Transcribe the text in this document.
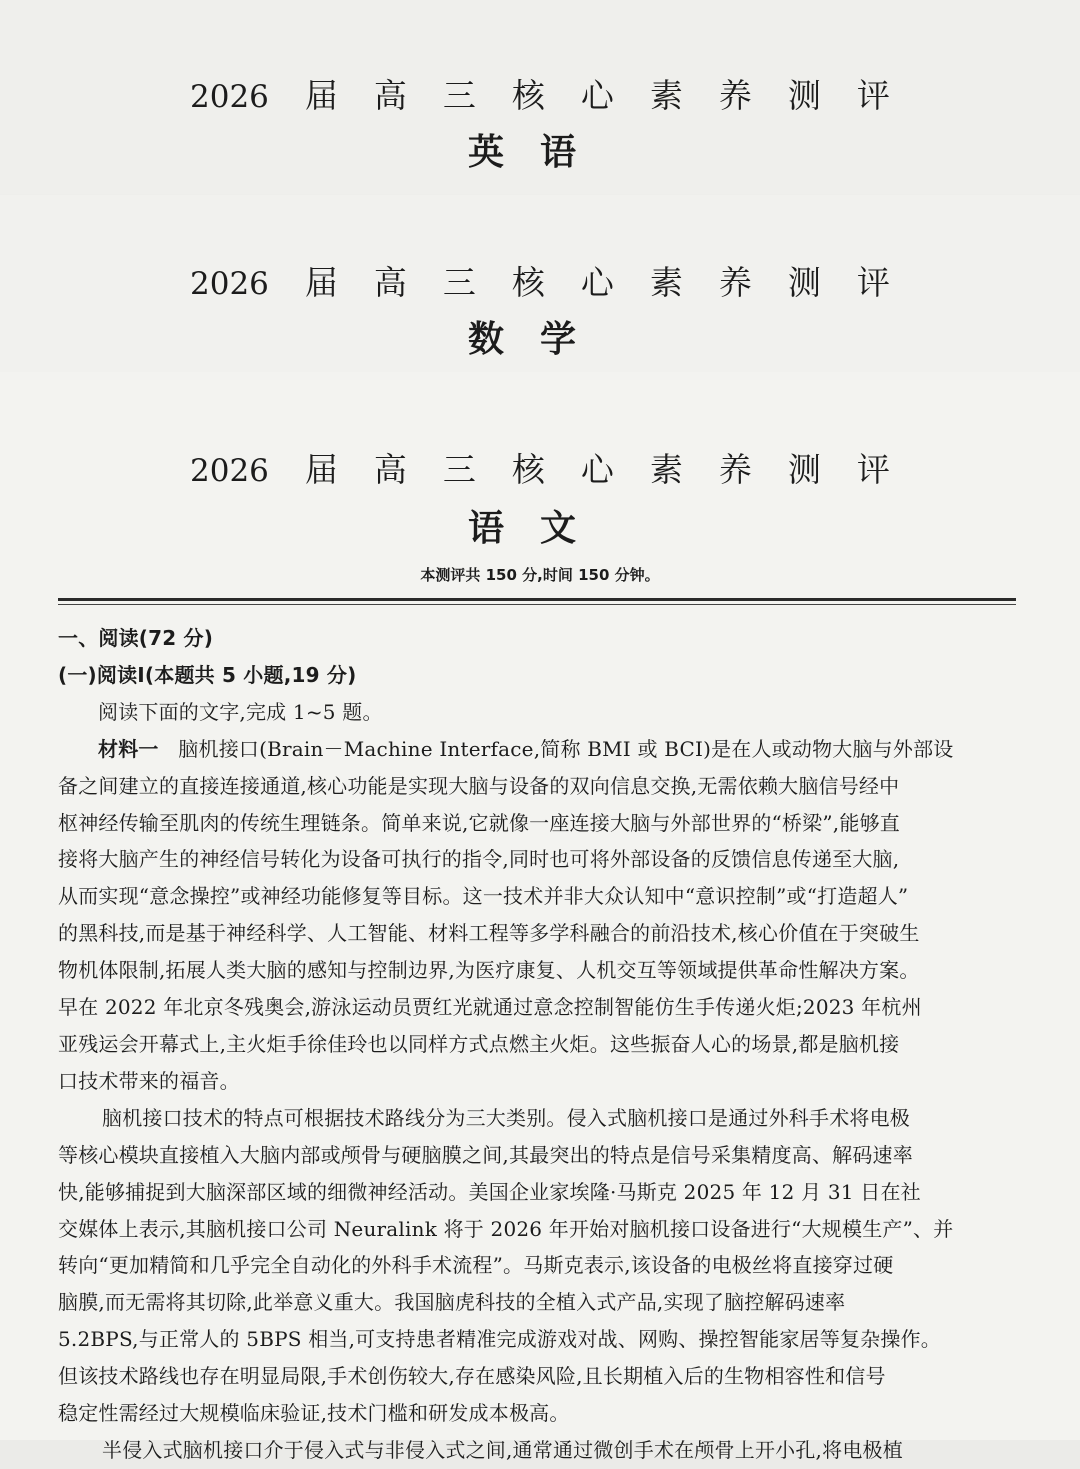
2026 届 高 三 核 心 素 养 测 评
英语
2026 届 高 三 核 心 素 养 测 评
数学
2026 届 高 三 核 心 素 养 测 评
语文
本测评共 150 分,时间 150 分钟。
一、阅读(72 分)
(一)阅读Ⅰ(本题共 5 小题,19 分)
阅读下面的文字,完成 1~5 题。
材料一 脑机接口(Brain－Machine Interface,简称 BMI 或 BCI)是在人或动物大脑与外部设
备之间建立的直接连接通道,核心功能是实现大脑与设备的双向信息交换,无需依赖大脑信号经中
枢神经传输至肌肉的传统生理链条。简单来说,它就像一座连接大脑与外部世界的“桥梁”,能够直
接将大脑产生的神经信号转化为设备可执行的指令,同时也可将外部设备的反馈信息传递至大脑,
从而实现“意念操控”或神经功能修复等目标。这一技术并非大众认知中“意识控制”或“打造超人”
的黑科技,而是基于神经科学、人工智能、材料工程等多学科融合的前沿技术,核心价值在于突破生
物机体限制,拓展人类大脑的感知与控制边界,为医疗康复、人机交互等领域提供革命性解决方案。
早在 2022 年北京冬残奥会,游泳运动员贾红光就通过意念控制智能仿生手传递火炬;2023 年杭州
亚残运会开幕式上,主火炬手徐佳玲也以同样方式点燃主火炬。这些振奋人心的场景,都是脑机接
口技术带来的福音。
脑机接口技术的特点可根据技术路线分为三大类别。侵入式脑机接口是通过外科手术将电极
等核心模块直接植入大脑内部或颅骨与硬脑膜之间,其最突出的特点是信号采集精度高、解码速率
快,能够捕捉到大脑深部区域的细微神经活动。美国企业家埃隆·马斯克 2025 年 12 月 31 日在社
交媒体上表示,其脑机接口公司 Neuralink 将于 2026 年开始对脑机接口设备进行“大规模生产”、并
转向“更加精简和几乎完全自动化的外科手术流程”。马斯克表示,该设备的电极丝将直接穿过硬
脑膜,而无需将其切除,此举意义重大。我国脑虎科技的全植入式产品,实现了脑控解码速率
5.2BPS,与正常人的 5BPS 相当,可支持患者精准完成游戏对战、网购、操控智能家居等复杂操作。
但该技术路线也存在明显局限,手术创伤较大,存在感染风险,且长期植入后的生物相容性和信号
稳定性需经过大规模临床验证,技术门槛和研发成本极高。
半侵入式脑机接口介于侵入式与非侵入式之间,通常通过微创手术在颅骨上开小孔,将电极植
